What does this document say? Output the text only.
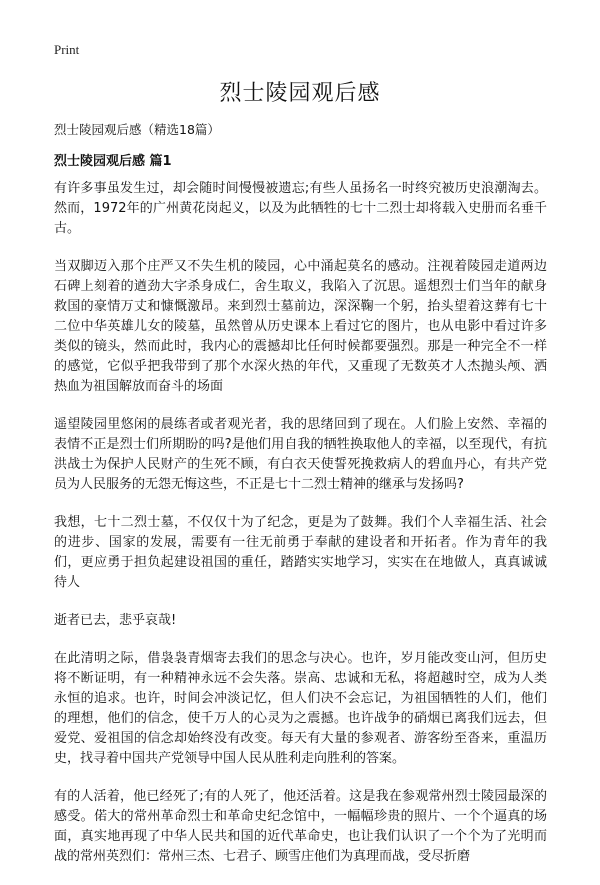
Print
烈士陵园观后感

烈士陵园观后感（精选18篇）

烈士陵园观后感 篇1

有许多事虽发生过，却会随时间慢慢被遗忘;有些人虽扬名一时终究被历史浪潮淘去。然而，1972年的广州黄花岗起义，以及为此牺牲的七十二烈士却将载入史册而名垂千古。

当双脚迈入那个庄严又不失生机的陵园，心中涌起莫名的感动。注视着陵园走道两边石碑上刻着的遒劲大字杀身成仁，舍生取义，我陷入了沉思。遥想烈士们当年的献身救国的豪情万丈和慷慨激昂。来到烈士墓前边，深深鞠一个躬，抬头望着这葬有七十二位中华英雄儿女的陵墓，虽然曾从历史课本上看过它的图片，也从电影中看过许多类似的镜头，然而此时，我内心的震撼却比任何时候都要强烈。那是一种完全不一样的感觉，它似乎把我带到了那个水深火热的年代，又重现了无数英才人杰抛头颅、洒热血为祖国解放而奋斗的场面

遥望陵园里悠闲的晨练者或者观光者，我的思绪回到了现在。人们脸上安然、幸福的表情不正是烈士们所期盼的吗?是他们用自我的牺牲换取他人的幸福，以至现代，有抗洪战士为保护人民财产的生死不顾，有白衣天使誓死挽救病人的碧血丹心，有共产党员为人民服务的无怨无悔这些，不正是七十二烈士精神的继承与发扬吗?

我想，七十二烈士墓，不仅仅十为了纪念，更是为了鼓舞。我们个人幸福生活、社会的进步、国家的发展，需要有一往无前勇于奉献的建设者和开拓者。作为青年的我们，更应勇于担负起建设祖国的重任，踏踏实实地学习，实实在在地做人，真真诚诚待人

逝者已去，悲乎哀哉!

在此清明之际，借袅袅青烟寄去我们的思念与决心。也许，岁月能改变山河，但历史将不断证明，有一种精神永远不会失落。崇高、忠诚和无私，将超越时空，成为人类永恒的追求。也许，时间会冲淡记忆，但人们决不会忘记，为祖国牺牲的人们，他们的理想，他们的信念，使千万人的心灵为之震撼。也许战争的硝烟已离我们远去，但爱党、爱祖国的信念却始终没有改变。每天有大量的参观者、游客纷至沓来，重温历史，找寻着中国共产党领导中国人民从胜利走向胜利的答案。

有的人活着，他已经死了;有的人死了，他还活着。这是我在参观常州烈士陵园最深的感受。偌大的常州革命烈士和革命史纪念馆中，一幅幅珍贵的照片、一个个逼真的场面，真实地再现了中华人民共和国的近代革命史，也让我们认识了一个个为了光明而战的常州英烈们：常州三杰、七君子、顾雪庄他们为真理而战，受尽折磨
